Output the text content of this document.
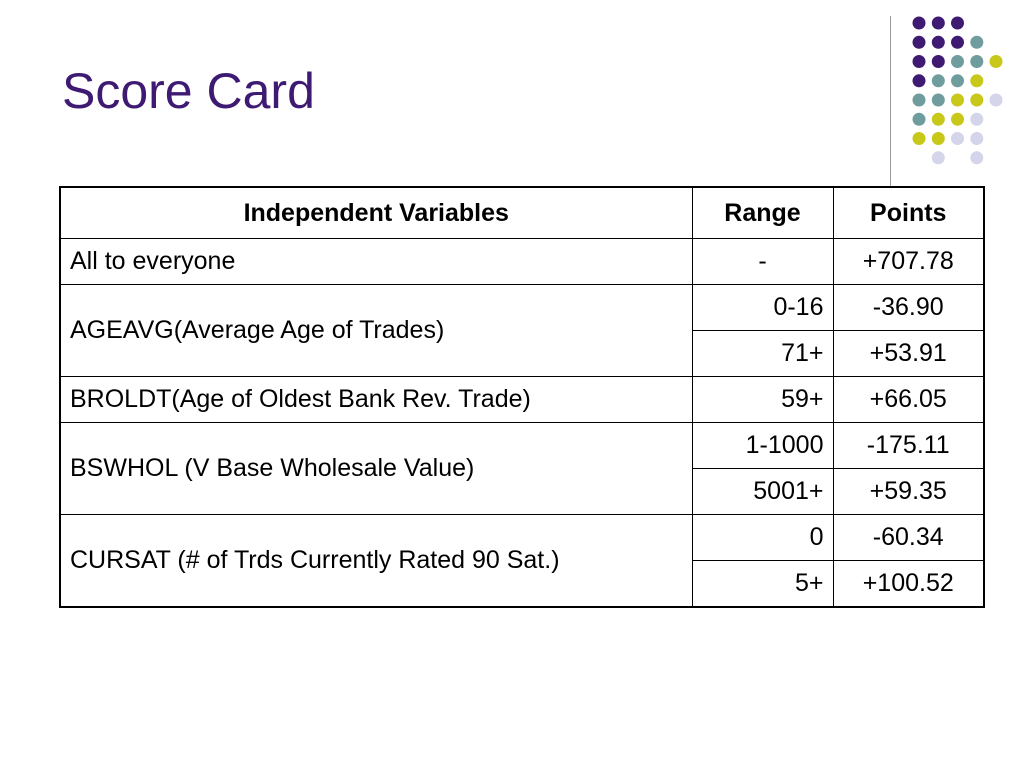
Score Card
Independent Variables	Range	Points
All to everyone	-	+707.78
AGEAVG(Average Age of Trades)	0-16	-36.90
	71+	+53.91
BROLDT(Age of Oldest Bank Rev. Trade)	59+	+66.05
BSWHOL (V Base Wholesale Value)	1-1000	-175.11
	5001+	+59.35
CURSAT (# of Trds Currently Rated 90 Sat.)	0	-60.34
	5+	+100.52
